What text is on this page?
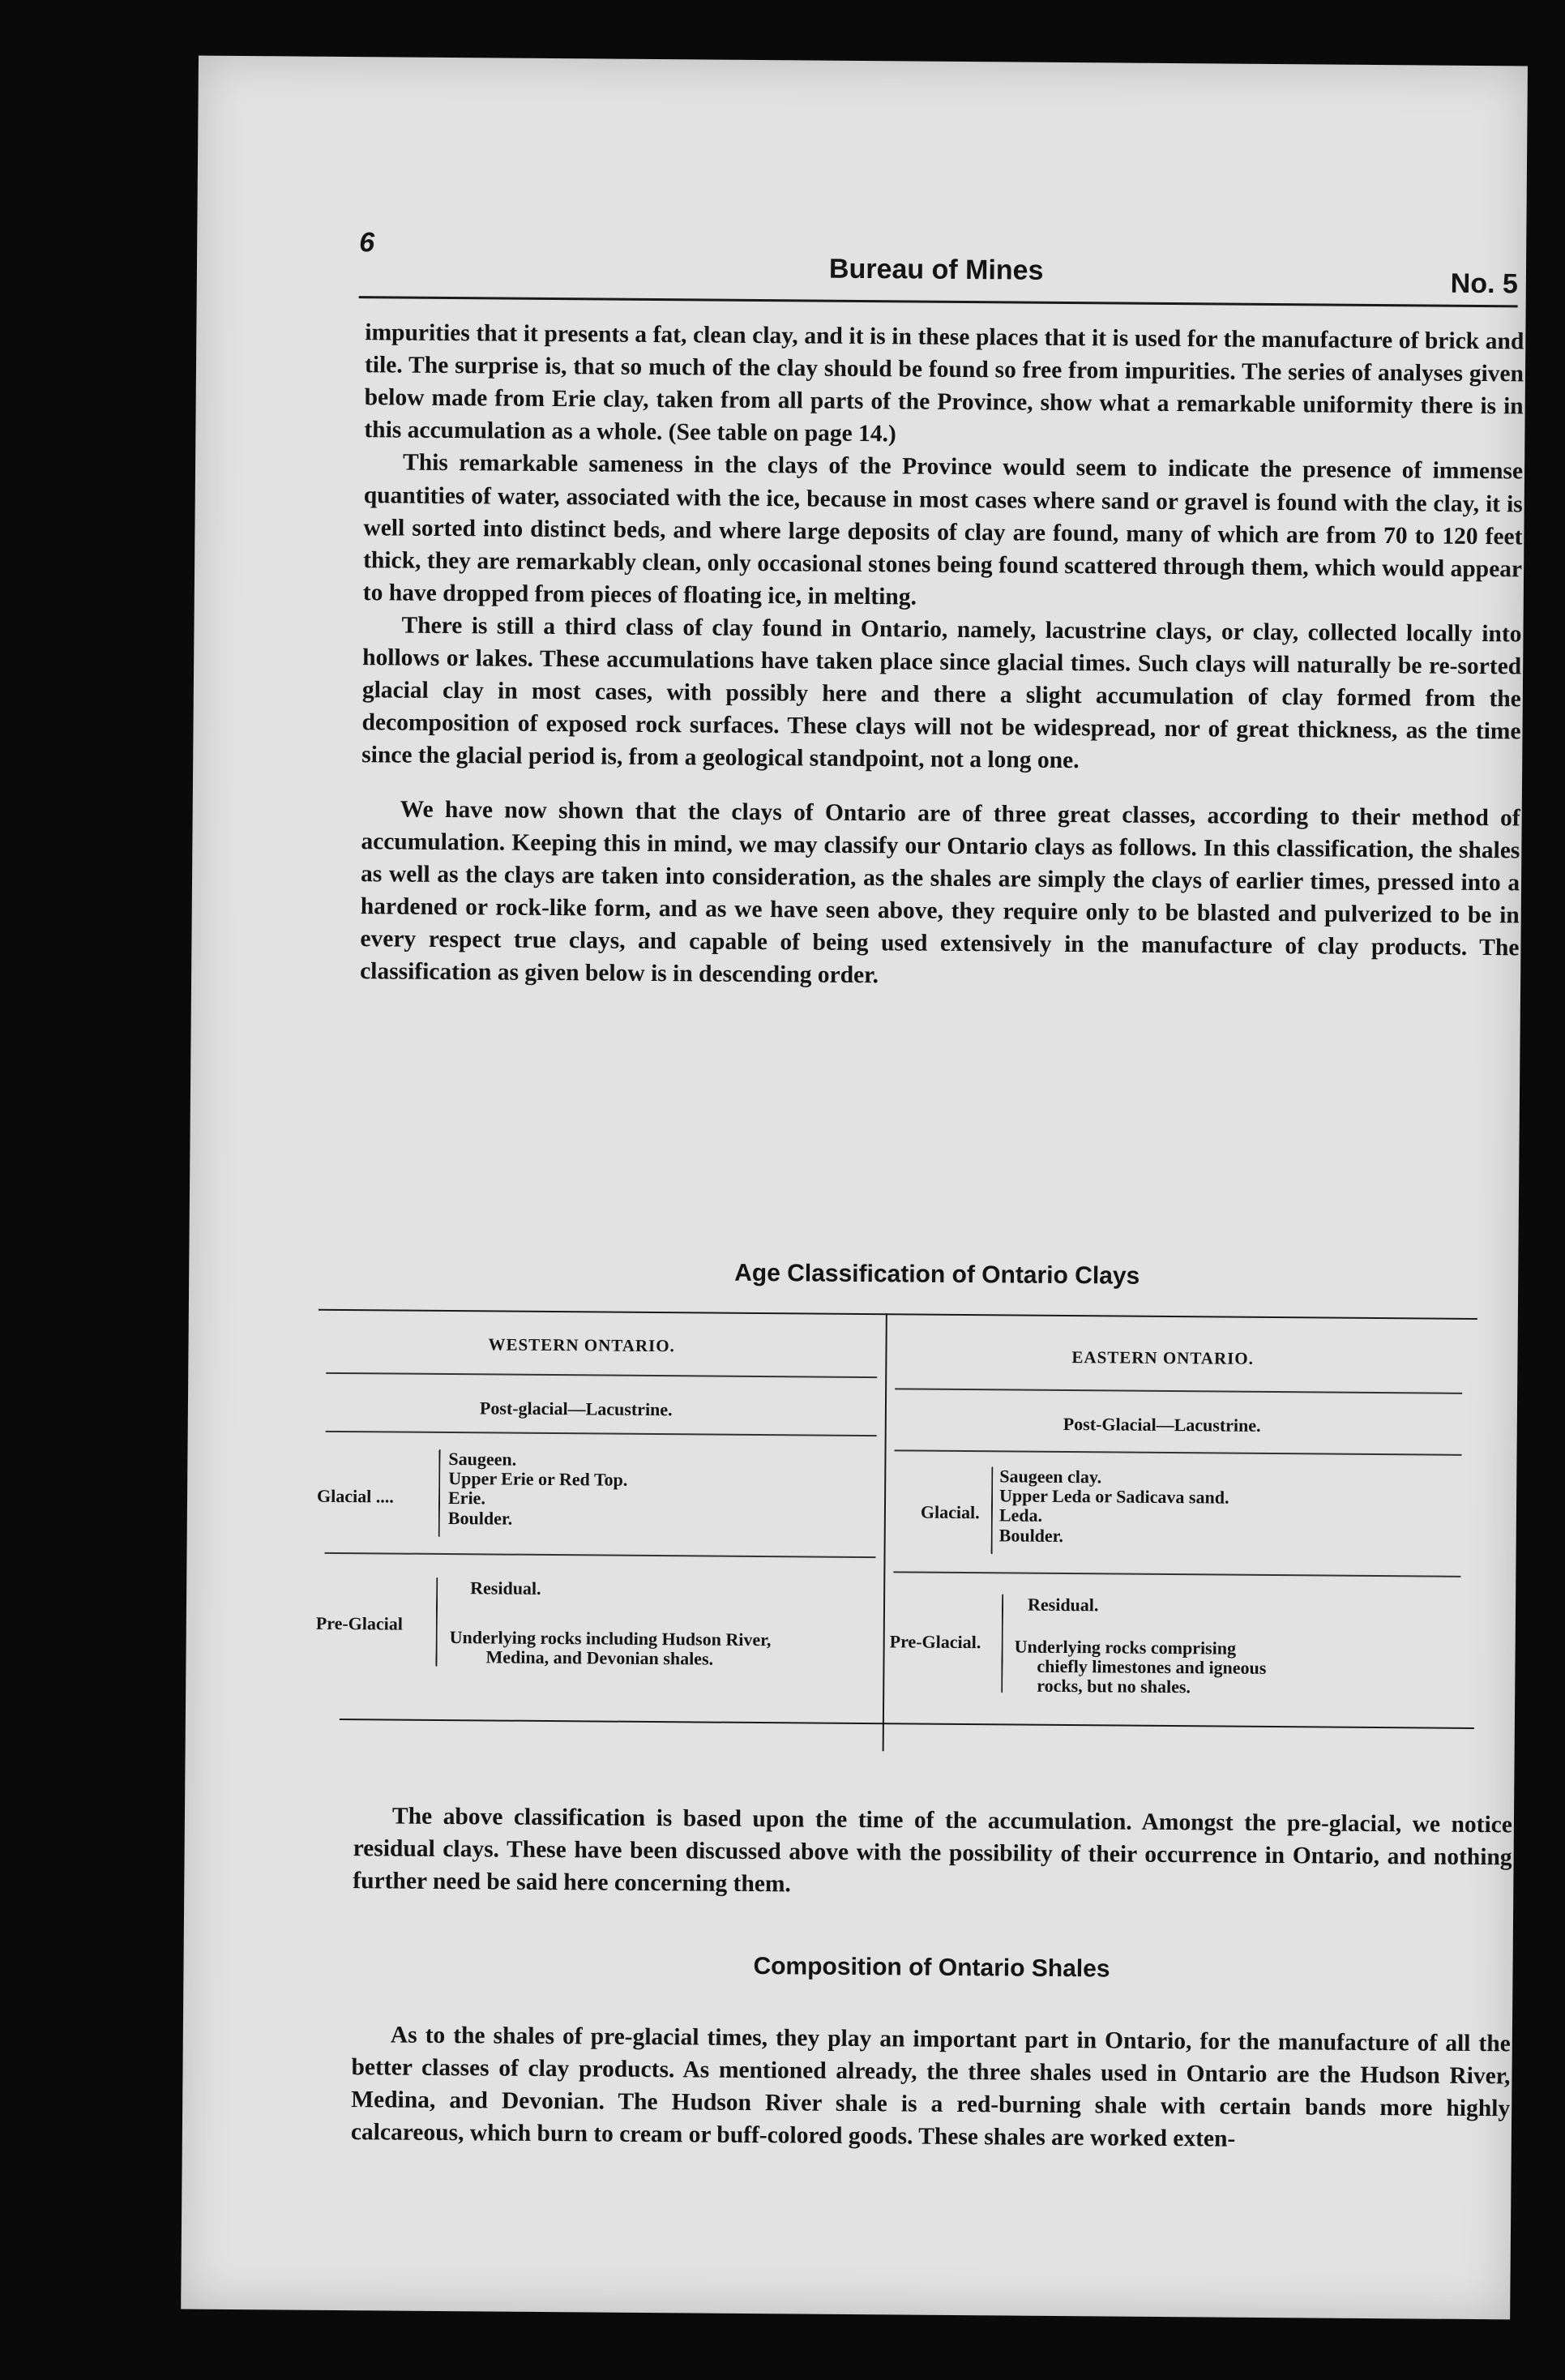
6
Bureau of Mines	No. 5

impurities that it presents a fat, clean clay, and it is in these places that it is used for the manufacture of brick and tile. The surprise is, that so much of the clay should be found so free from impurities. The series of analyses given below made from Erie clay, taken from all parts of the Province, show what a remarkable uniformity there is in this accumulation as a whole. (See table on page 14.)

This remarkable sameness in the clays of the Province would seem to indicate the presence of immense quantities of water, associated with the ice, because in most cases where sand or gravel is found with the clay, it is well sorted into distinct beds, and where large deposits of clay are found, many of which are from 70 to 120 feet thick, they are remarkably clean, only occasional stones being found scattered through them, which would appear to have dropped from pieces of floating ice, in melting.

There is still a third class of clay found in Ontario, namely, lacustrine clays, or clay, collected locally into hollows or lakes. These accumulations have taken place since glacial times. Such clays will naturally be re-sorted glacial clay in most cases, with possibly here and there a slight accumulation of clay formed from the decomposition of exposed rock surfaces. These clays will not be widespread, nor of great thickness, as the time since the glacial period is, from a geological standpoint, not a long one.

We have now shown that the clays of Ontario are of three great classes, according to their method of accumulation. Keeping this in mind, we may classify our Ontario clays as follows. In this classification, the shales as well as the clays are taken into consideration, as the shales are simply the clays of earlier times, pressed into a hardened or rock-like form, and as we have seen above, they require only to be blasted and pulverized to be in every respect true clays, and capable of being used extensively in the manufacture of clay products. The classification as given below is in descending order.

Age Classification of Ontario Clays

WESTERN ONTARIO.
Post-glacial—Lacustrine.
Glacial ....
Saugeen.
Upper Erie or Red Top.
Erie.
Boulder.
Pre-Glacial
Residual.
Underlying rocks including Hudson River,
Medina, and Devonian shales.
EASTERN ONTARIO.
Post-Glacial—Lacustrine.
Glacial.
Saugeen clay.
Upper Leda or Sadicava sand.
Leda.
Boulder.
Pre-Glacial.
Residual.
Underlying rocks comprising
chiefly limestones and igneous
rocks, but no shales.

The above classification is based upon the time of the accumulation. Amongst the pre-glacial, we notice residual clays. These have been discussed above with the possibility of their occurrence in Ontario, and nothing further need be said here concerning them.

Composition of Ontario Shales

As to the shales of pre-glacial times, they play an important part in Ontario, for the manufacture of all the better classes of clay products. As mentioned already, the three shales used in Ontario are the Hudson River, Medina, and Devonian. The Hudson River shale is a red-burning shale with certain bands more highly calcareous, which burn to cream or buff-colored goods. These shales are worked exten-
